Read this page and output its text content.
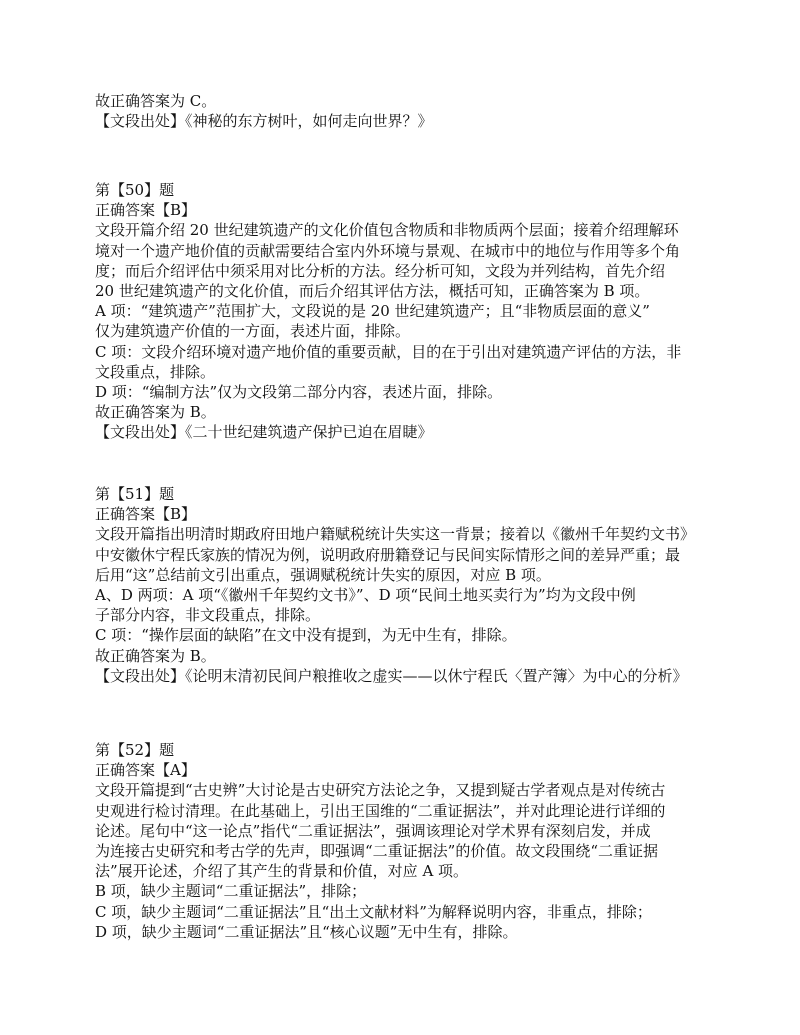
故正确答案为 C。
【文段出处】《神秘的东方树叶，如何走向世界？》
第【50】题
正确答案【B】
文段开篇介绍 20 世纪建筑遗产的文化价值包含物质和非物质两个层面；接着介绍理解环
境对一个遗产地价值的贡献需要结合室内外环境与景观、在城市中的地位与作用等多个角
度；而后介绍评估中须采用对比分析的方法。经分析可知，文段为并列结构，首先介绍
20 世纪建筑遗产的文化价值，而后介绍其评估方法，概括可知，正确答案为 B 项。
A 项：“建筑遗产”范围扩大，文段说的是 20 世纪建筑遗产；且“非物质层面的意义”
仅为建筑遗产价值的一方面，表述片面，排除。
C 项：文段介绍环境对遗产地价值的重要贡献，目的在于引出对建筑遗产评估的方法，非
文段重点，排除。
D 项：“编制方法”仅为文段第二部分内容，表述片面，排除。
故正确答案为 B。
【文段出处】《二十世纪建筑遗产保护已迫在眉睫》
第【51】题
正确答案【B】
文段开篇指出明清时期政府田地户籍赋税统计失实这一背景；接着以《徽州千年契约文书》
中安徽休宁程氏家族的情况为例，说明政府册籍登记与民间实际情形之间的差异严重；最
后用“这”总结前文引出重点，强调赋税统计失实的原因，对应 B 项。
A、D 两项：A 项“《徽州千年契约文书》”、D 项“民间土地买卖行为”均为文段中例
子部分内容，非文段重点，排除。
C 项：“操作层面的缺陷”在文中没有提到，为无中生有，排除。
故正确答案为 B。
【文段出处】《论明末清初民间户粮推收之虚实——以休宁程氏〈置产簿〉为中心的分析》
第【52】题
正确答案【A】
文段开篇提到“古史辨”大讨论是古史研究方法论之争，又提到疑古学者观点是对传统古
史观进行检讨清理。在此基础上，引出王国维的“二重证据法”，并对此理论进行详细的
论述。尾句中“这一论点”指代“二重证据法”，强调该理论对学术界有深刻启发，并成
为连接古史研究和考古学的先声，即强调“二重证据法”的价值。故文段围绕“二重证据
法”展开论述，介绍了其产生的背景和价值，对应 A 项。
B 项，缺少主题词“二重证据法”，排除；
C 项，缺少主题词“二重证据法”且“出土文献材料”为解释说明内容，非重点，排除；
D 项，缺少主题词“二重证据法”且“核心议题”无中生有，排除。
